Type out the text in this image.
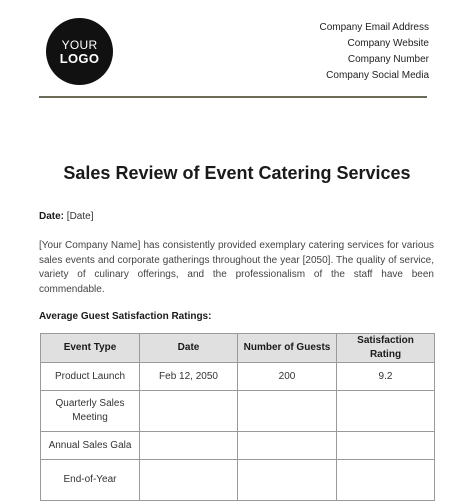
YOUR
LOGO
Company Email Address
Company Website
Company Number
Company Social Media
Sales Review of Event Catering Services
Date: [Date]
[Your Company Name] has consistently provided exemplary catering services for various sales events and corporate gatherings throughout the year [2050]. The quality of service, variety of culinary offerings, and the professionalism of the staff have been commendable.
Average Guest Satisfaction Ratings:
Event Type	Date	Number of Guests	Satisfaction Rating
Product Launch	Feb 12, 2050	200	9.2
Quarterly Sales Meeting			
Annual Sales Gala			
End-of-Year			
